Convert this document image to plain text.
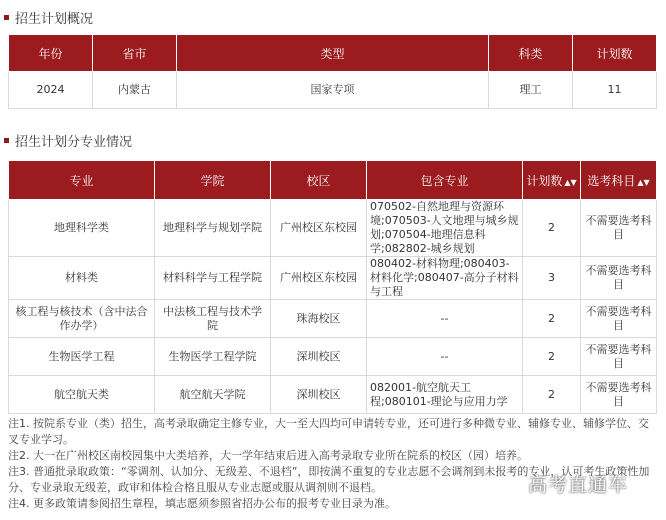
招生计划概况
年份	省市	类型	科类	计划数
2024	内蒙古	国家专项	理工	11
招生计划分专业情况
专业	学院	校区	包含专业	计划数 ▲▼	选考科目 ▲▼
地理科学类	地理科学与规划学院	广州校区东校园	070502-自然地理与资源环境;070503-人文地理与城乡规划;070504-地理信息科学;082802-城乡规划	2	不需要选考科目
材料类	材料科学与工程学院	广州校区东校园	080402-材料物理;080403-材料化学;080407-高分子材料与工程	3	不需要选考科目
核工程与核技术（含中法合作办学）	中法核工程与技术学院	珠海校区	--	2	不需要选考科目
生物医学工程	生物医学工程学院	深圳校区	--	2	不需要选考科目
航空航天类	航空航天学院	深圳校区	082001-航空航天工程;080101-理论与应用力学	2	不需要选考科目

注1. 按院系专业（类）招生，高考录取确定主修专业，大一至大四均可申请转专业，还可进行多种微专业、辅修专业、辅修学位、交叉专业学习。

注2. 大一在广州校区南校园集中大类培养，大一学年结束后进入高考录取专业所在院系的校区（园）培养。

注3. 普通批录取政策：“零调剂、认加分、无级差、不退档”，即按满不重复的专业志愿不会调剂到未报考的专业，认可考生政策性加分、专业录取无级差，政审和体检合格且服从专业志愿或服从调剂则不退档。

注4. 更多政策请参阅招生章程，填志愿须参照省招办公布的报考专业目录为准。

高考直通车
